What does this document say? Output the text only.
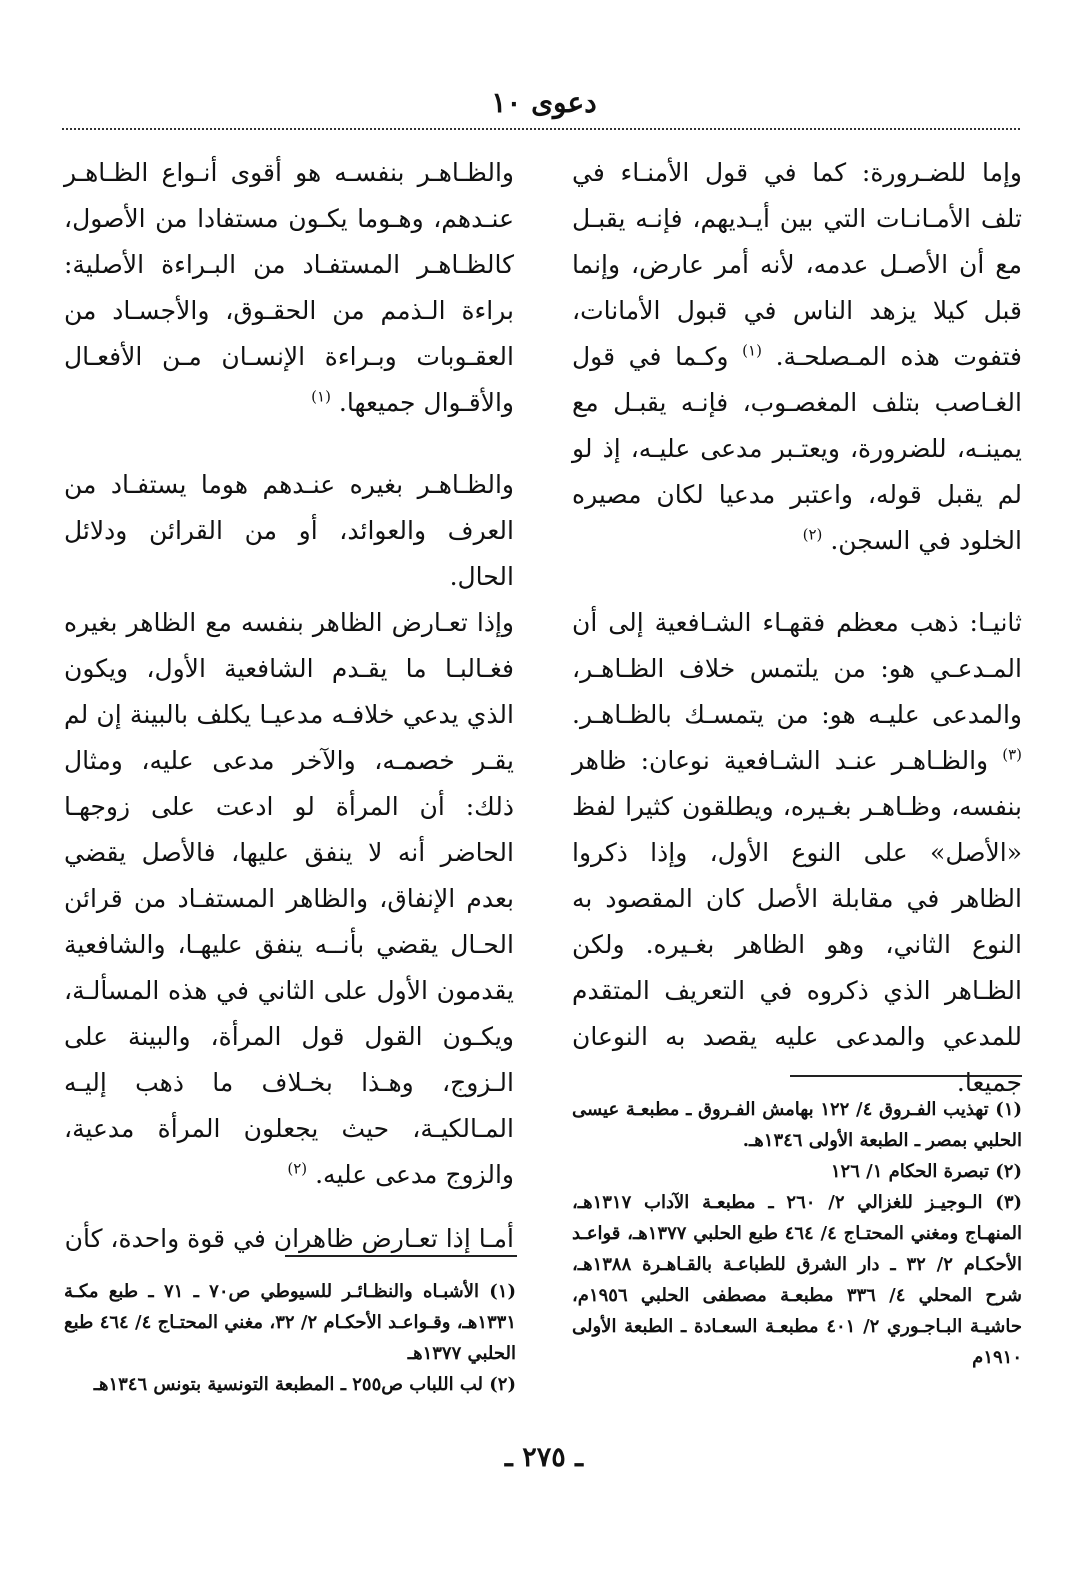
دعوى ١٠

وإما للضـرورة: كما في قول الأمنـاء في تلف الأمـانـات التي بين أيـديهم، فإنـه يقبـل مع أن الأصـل عدمه، لأنه أمر عارض، وإنما قبل كيلا يزهد الناس في قبول الأمانات، فتفوت هذه المـصلحـة. $^{(١)}$ وكـما في قول الغـاصب بتلف المغصـوب، فإنـه يقبـل مع يمينـه، للضرورة، ويعتـبر مدعى عليـه، إذ لو لم يقبل قوله، واعتبر مدعيا لكان مصيره الخلود في السجن. $^{(٢)}$

ثانيـا: ذهب معظم فقهـاء الشـافعية إلى أن المـدعـي هو: من يلتمس خلاف الظـاهـر، والمدعى عليـه هو: من يتمسـك بالظـاهـر. $^{(٣)}$ والظـاهـر عنـد الشـافعية نوعان: ظاهر بنفسه، وظـاهـر بغـيره، ويطلقون كثيرا لفظ «الأصل» على النوع الأول، وإذا ذكروا الظاهر في مقابلة الأصل كان المقصود به النوع الثاني، وهو الظاهر بغـيره. ولكن الظـاهر الذي ذكروه في التعريف المتقدم للمدعي والمدعى عليه يقصد به النوعان جميعا.

والظـاهـر بنفسـه هو أقوى أنـواع الظـاهـر عنـدهم، وهـوما يكـون مستفادا من الأصول، كالظـاهـر المستفـاد من البـراءة الأصلية: براءة الـذمم من الحقـوق، والأجسـاد من العقـوبات وبـراءة الإنسـان مـن الأفعـال والأقـوال جميعها. $^{(١)}$

والظـاهـر بغيره عنـدهم هوما يستفـاد من العرف والعوائد، أو من القرائن ودلائل الحال.

وإذا تعـارض الظاهر بنفسه مع الظاهر بغيره فغـالبـا ما يقـدم الشافعية الأول، ويكون الذي يدعي خلافـه مدعيـا يكلف بالبينة إن لم يقـر خصمـه، والآخر مدعى عليه، ومثال ذلك: أن المرأة لو ادعت على زوجهـا الحاضر أنه لا ينفق عليها، فالأصل يقضي بعدم الإنفاق، والظاهر المستفـاد من قرائن الحـال يقضي بأنــه ينفق عليهـا، والشافعية يقدمون الأول على الثاني في هذه المسألـة، ويكـون القول قول المرأة، والبينة على الـزوج، وهـذا بخـلاف ما ذهب إليـه المـالكيـة، حيث يجعلون المرأة مدعية، والزوج مدعى عليه. $^{(٢)}$

أمـا إذا تعـارض ظاهران في قوة واحدة، كأن

(١) تهذيب الفـروق ٤/ ١٢٢ بهامش الفـروق ـ مطبعـة عيسى الحلبي بمصر ـ الطبعة الأولى ١٣٤٦هـ.

(٢) تبصرة الحكام ١/ ١٢٦

(٣) الـوجيـز للغزالي ٢/ ٢٦٠ ـ مطبعـة الآداب ١٣١٧هـ، المنهـاج ومغني المحتـاج ٤/ ٤٦٤ طبع الحلبي ١٣٧٧هـ، قواعـد الأحكـام ٢/ ٣٢ ـ دار الشرق للطباعـة بالقـاهـرة ١٣٨٨هـ، شرح المحلي ٤/ ٣٣٦ مطبعـة مصطفى الحلبي ١٩٥٦م، حاشيـة البـاجـوري ٢/ ٤٠١ مطبعـة السعـادة ـ الطبعة الأولى ١٩١٠م

(١) الأشبـاه والنظـائـر للسيوطي ص٧٠ ـ ٧١ ـ طبع مكـة ١٣٣١هـ، وقـواعـد الأحكـام ٢/ ٣٢، مغني المحتـاج ٤/ ٤٦٤ طبع الحلبي ١٣٧٧هـ

(٢) لب اللباب ص٢٥٥ ـ المطبعة التونسية بتونس ١٣٤٦هـ

ـ ٢٧٥ ـ
